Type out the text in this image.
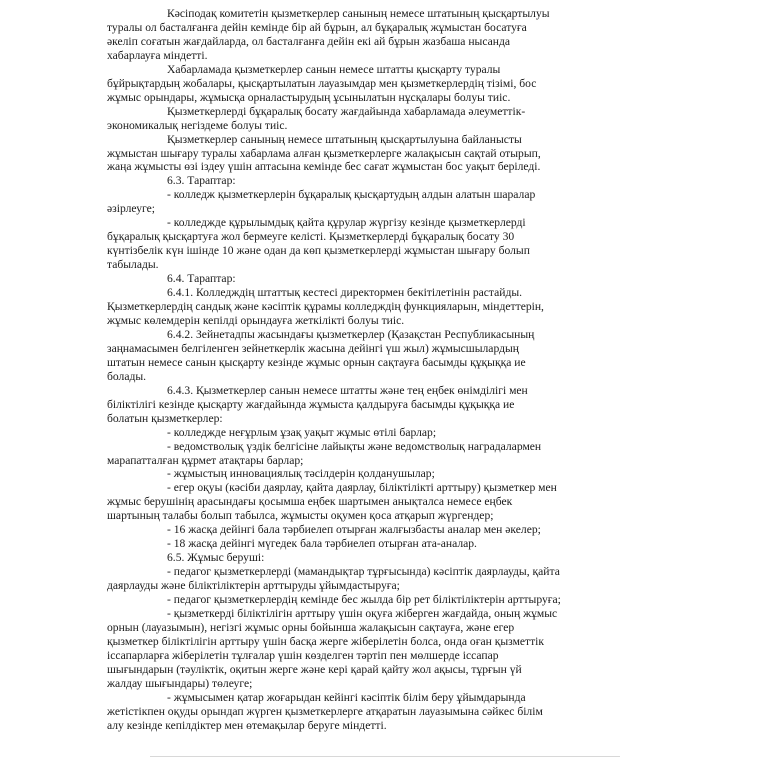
Кәсіподақ комитетін қызметкерлер санының немесе штатының қысқартылуы

туралы ол басталғанға дейін кемінде бір ай бұрын, ал бұқаралық жұмыстан босатуға

әкеліп соғатын жағдайларда, ол басталғанға дейін екі ай бұрын жазбаша нысанда

хабарлауға міндетті.

Хабарламада қызметкерлер санын немесе штатты қысқарту туралы

бұйрықтардың жобалары, қысқартылатын лауазымдар мен қызметкерлердің тізімі, бос

жұмыс орындары, жұмысқа орналастырудың ұсынылатын нұсқалары болуы тиіс.

Қызметкерлерді бұқаралық босату жағдайында хабарламада әлеуметтік-

экономикалық негіздеме болуы тиіс.

Қызметкерлер санының немесе штатының қысқартылуына байланысты

жұмыстан шығару туралы хабарлама алған қызметкерлерге жалақысын сақтай отырып,

жаңа жұмысты өзі іздеу үшін аптасына кемінде бес сағат жұмыстан бос уақыт беріледі.

6.3. Тараптар:

- колледж қызметкерлерін бұқаралық қысқартудың алдын алатын шаралар

әзірлеуге;

- колледжде құрылымдық қайта құрулар жүргізу кезінде қызметкерлерді

бұқаралық қысқартуға жол бермеуге келісті. Қызметкерлерді бұқаралық босату 30

күнтізбелік күн ішінде 10 және одан да көп қызметкерлерді жұмыстан шығару болып

табылады.

6.4. Тараптар:

6.4.1. Колледждің штаттық кестесі директормен бекітілетінін растайды.

Қызметкерлердің сандық және кәсіптік құрамы колледждің функцияларын, міндеттерін,

жұмыс көлемдерін кепілді орындауға жеткілікті болуы тиіс.

6.4.2. Зейнетадпы жасындағы қызметкерлер (Қазақстан Республикасының

заңнамасымен белгіленген зейнеткерлік жасына дейінгі үш жыл) жұмысшылардың

штатын немесе санын қысқарту кезінде жұмыс орнын сақтауға басымды құқыққа ие

болады.

6.4.3. Қызметкерлер санын немесе штатты және тең еңбек өнімділігі мен

біліктілігі кезінде қысқарту жағдайында жұмыста қалдыруға басымды құқыққа ие

болатын қызметкерлер:

- колледжде неғұрлым ұзақ уақыт жұмыс өтілі барлар;

- ведомстволық үздік белгісіне лайықты және ведомстволық наградалармен

марапатталған құрмет атақтары барлар;

- жұмыстың инновациялық тәсілдерін қолданушылар;

- егер оқуы (кәсіби даярлау, қайта даярлау, біліктілікті арттыру) қызметкер мен

жұмыс берушінің арасындағы қосымша еңбек шартымен анықталса немесе еңбек

шартының талабы болып табылса, жұмысты оқумен қоса атқарып жүргендер;

- 16 жасқа дейінгі бала тәрбиелеп отырған жалғызбасты аналар мен әкелер;

- 18 жасқа дейінгі мүгедек бала тәрбиелеп отырған ата-аналар.

6.5. Жұмыс беруші:

- педагог қызметкерлерді (мамандықтар тұрғысында) кәсіптік даярлауды, қайта

даярлауды және біліктіліктерін арттыруды ұйымдастыруға;

- педагог қызметкерлердің кемінде бес жылда бір рет біліктіліктерін арттыруға;

- қызметкерді біліктілігін арттыру үшін оқуға жіберген жағдайда, оның жұмыс

орнын (лауазымын), негізгі жұмыс орны бойынша жалақысын сақтауға, және егер

қызметкер біліктілігін арттыру үшін басқа жерге жіберілетін болса, онда оған қызметтік

іссапарларға жіберілетін тұлғалар үшін көзделген тәртіп пен мөлшерде іссапар

шығындарын (тәуліктік, оқитын жерге және кері қарай қайту жол ақысы, тұрғын үй

жалдау шығындары) төлеуге;

- жұмысымен қатар жоғарыдан кейінгі кәсіптік білім беру ұйымдарында

жетістікпен оқуды орындап жүрген қызметкерлерге атқаратын лауазымына сәйкес білім

алу кезінде кепілдіктер мен өтемақылар беруге міндетті.
